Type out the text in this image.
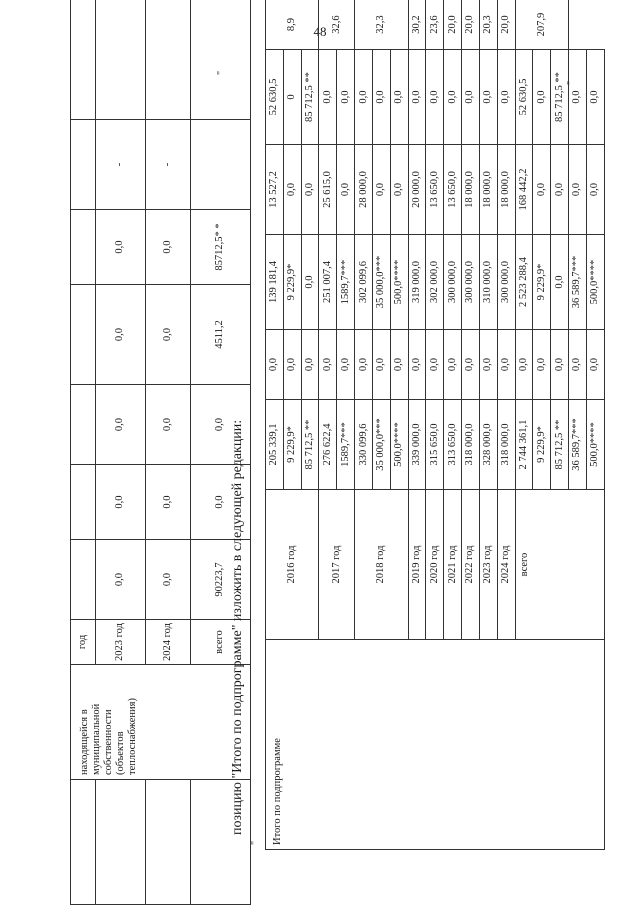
48
	находящейся в муниципальной собственности (объектов теплоснабжения)	год							
		2023 год	0,0	0,0	0,0	0,0	0,0	-	
		2024 год	0,0	0,0	0,0	0,0	0,0	-	
		всего	90223,7	0,0	0,0	4511,2	85712,5* *		
"
позицию "Итого по подпрограмме" изложить в следующей редакции:	Итого по подпрограмме	2016 год	205 339,1	0,0	139 181,4	13 527,2	52 630,5	8,9
		9 229,9*	0,0	9 229,9*	0,0	0	
		85 712,5 **	0,0	0,0	0,0	85 712,5 **	
	2017 год	276 622,4	0,0	251 007,4	25 615,0	0,0	32,6
		1589,7***	0,0	1589,7***	0,0	0,0	
	2018 год	330 099,6	0,0	302 099,6	28 000,0	0,0	32,3
		35 000,0***	0,0	35 000,0***	0,0	0,0	
		500,0****	0,0	500,0****	0,0	0,0	
	2019 год	339 000,0	0,0	319 000,0	20 000,0	0,0	30,2
	2020 год	315 650,0	0,0	302 000,0	13 650,0	0,0	23,6
	2021 год	313 650,0	0,0	300 000,0	13 650,0	0,0	20,0
	2022 год	318 000,0	0,0	300 000,0	18 000,0	0,0	20,0
	2023 год	328 000,0	0,0	310 000,0	18 000,0	0,0	20,3
	2024 год	318 000,0	0,0	300 000,0	18 000,0	0,0	20,0
	всего	2 744 361,1	0,0	2 523 288,4	168 442,2	52 630,5	207,9
		9 229,9*	0,0	9 229,9*	0,0	0,0	
		85 712,5 **	0,0	0,0	0,0	85 712,5 **	
		36 589,7***	0,0	36 589,7***	0,0	0,0	
		500,0****	0,0	500,0****	0,0	0,0	
"
"
